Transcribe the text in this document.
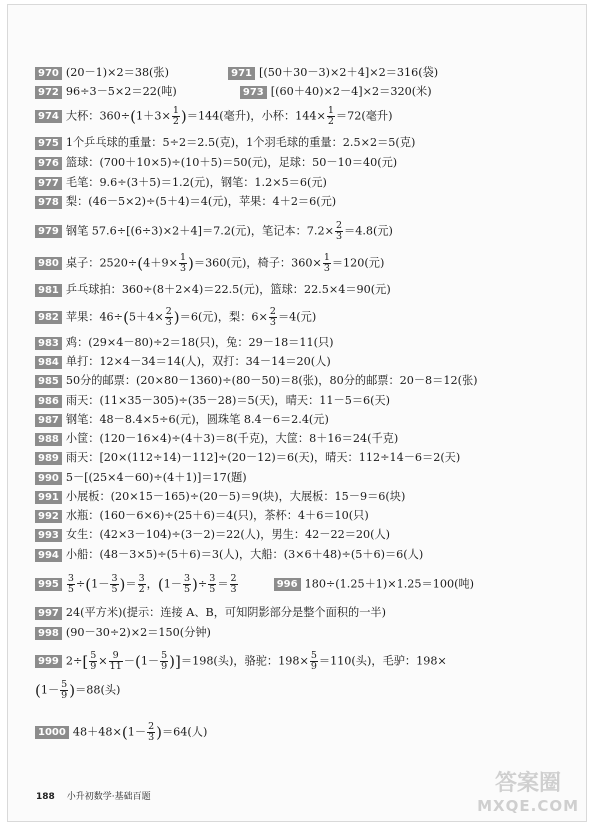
970 (20－1)×2＝38(张)	971 [(50＋30－3)×2＋4]×2＝316(袋)
972 96÷3－5×2＝22(吨)	973 [(60＋40)×2－4]×2＝320(米)
974 大杯：$360\div(1+3\times \frac{1}{2} )=144$(毫升)，小杯：$144\times \frac{1}{2} =72$(毫升)
975 1个乒乓球的重量：5÷2＝2.5(克)，1个羽毛球的重量：2.5×2＝5(克)
976 篮球：(700＋10×5)÷(10＋5)＝50(元)，足球：50－10＝40(元)
977 毛笔：9.6÷(3＋5)＝1.2(元)，钢笔：1.2×5＝6(元)
978 梨：(46－5×2)÷(5＋4)＝4(元)，苹果：4＋2＝6(元)
979 钢笔 57.6÷[(6÷3)×2＋4]＝7.2(元)，笔记本：$7.2\times \frac{2}{3} =4.8$(元)
980 桌子：$2520\div(4+9\times \frac{1}{3} )=360$(元)，椅子：$360\times \frac{1}{3} =120$(元)
981 乒乓球拍：360÷(8＋2×4)＝22.5(元)，篮球：22.5×4＝90(元)
982 苹果：$46\div(5+4\times \frac{2}{3} )=6$(元)，梨：$6\times \frac{2}{3} =4$(元)
983 鸡：(29×4－80)÷2＝18(只)，兔：29－18＝11(只)
984 单打：12×4－34＝14(人)，双打：34－14＝20(人)
985 50分的邮票：(20×80－1360)÷(80－50)＝8(张)，80分的邮票：20－8＝12(张)
986 雨天：(11×35－305)÷(35－28)＝5(天)，晴天：11－5＝6(天)
987 钢笔：48－8.4×5÷6(元)，圆珠笔 8.4－6＝2.4(元)
988 小筐：(120－16×4)÷(4＋3)＝8(千克)，大筐：8＋16＝24(千克)
989 雨天：[20×(112÷14)－112]÷(20－12)＝6(天)，晴天：112÷14－6＝2(天)
990 5－[(25×4－60)÷(4＋1)]＝17(题)
991 小展板：(20×15－165)÷(20－5)＝9(块)，大展板：15－9＝6(块)
992 水瓶：(160－6×6)÷(25＋6)＝4(只)，茶杯：4＋6＝10(只)
993 女生：(42×3－104)÷(3－2)＝22(人)，男生：42－22＝20(人)
994 小船：(48－3×5)÷(5＋6)＝3(人)，大船：(3×6＋48)÷(5＋6)＝6(人)
$995 \frac{3}{5} \div(1- \frac{3}{5}$ )＝ $\frac{3}{2}$ ，($1- \frac{3}{5}$ )÷ $\frac{3}{5} = \frac{2}{3}$	996 180÷(1.25＋1)×1.25＝100(吨)
997 24(平方米)(提示：连接 A、B，可知阴影部分是整个面积的一半)
998 (90－30÷2)×2＝150(分钟)
999 $2\div[ \frac{5}{9} \times \frac{9}{11} -(1- \frac{5}{9} )]=198$(头)，骆驼：$198\times \frac{5}{9} =110$(头)，毛驴：198×
$(1- \frac{5}{9} )=88$(头)
1000 $48+48\times(1- \frac{2}{3} )=64$(人)
188 小升初数学·基础百题
答案圈
MXQE.COM
